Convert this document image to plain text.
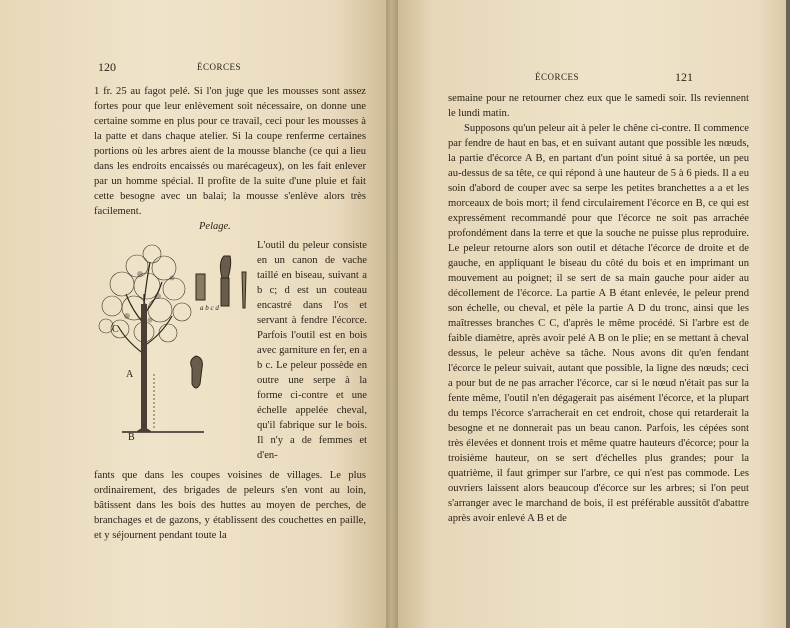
120	ÉCORCES

1 fr. 25 au fagot pelé. Si l'on juge que les mousses sont assez fortes pour que leur enlèvement soit nécessaire, on donne une certaine somme en plus pour ce travail, ceci pour les mousses à la patte et dans chaque atelier. Si la coupe renferme certaines portions où les arbres aient de la mousse blanche (ce qui a lieu dans les endroits encaissés ou marécageux), on les fait enlever par un homme spécial. Il profite de la suite d'une pluie et fait cette besogne avec un balai; la mousse s'enlève alors très facilement.

Pelage.
C
A
B
a b c d

L'outil du peleur consiste en un canon de vache taillé en biseau, suivant a b c; d est un couteau encastré dans l'os et servant à fendre l'écorce. Parfois l'outil est en bois avec garniture en fer, en a b c. Le peleur possède en outre une serpe à la forme ci-contre et une échelle appelée cheval, qu'il fabrique sur le bois. Il n'y a de femmes et d'en-

fants que dans les coupes voisines de villages. Le plus ordinairement, des brigades de peleurs s'en vont au loin, bâtissent dans les bois des huttes au moyen de perches, de branchages et de gazons, y établissent des couchettes en paille, et y séjournent pendant toute la

ÉCORCES	121

semaine pour ne retourner chez eux que le samedi soir. Ils reviennent le lundi matin.

Supposons qu'un peleur ait à peler le chêne ci-contre. Il commence par fendre de haut en bas, et en suivant autant que possible les nœuds, la partie d'écorce A B, en partant d'un point situé à sa portée, un peu au-dessus de sa tête, ce qui répond à une hauteur de 5 à 6 pieds. Il a eu soin d'abord de couper avec sa serpe les petites branchettes a a et les morceaux de bois mort; il fend circulairement l'écorce en B, ce qui est expressément recommandé pour que l'écorce ne soit pas arrachée profondément dans la terre et que la souche ne puisse plus reproduire. Le peleur retourne alors son outil et détache l'écorce de droite et de gauche, en appliquant le biseau du côté du bois et en imprimant un mouvement au poignet; il se sert de sa main gauche pour aider au décollement de l'écorce. La partie A B étant enlevée, le peleur prend son échelle, ou cheval, et pèle la partie A D du tronc, ainsi que les maîtresses branches C C, d'après le même procédé. Si l'arbre est de faible diamètre, après avoir pelé A B on le plie; en se mettant à cheval dessus, le peleur achève sa tâche. Nous avons dit qu'en fendant l'écorce le peleur suivait, autant que possible, la ligne des nœuds; ceci a pour but de ne pas arracher l'écorce, car si le nœud n'était pas sur la fente même, l'outil n'en dégagerait pas aisément l'écorce, et la plupart du temps l'écorce s'arracherait en cet endroit, chose qui retarderait la besogne et ne donnerait pas un beau canon. Parfois, les cépées sont très élevées et donnent trois et même quatre hauteurs d'écorce; pour la troisième hauteur, on se sert d'échelles plus grandes; pour la quatrième, il faut grimper sur l'arbre, ce qui n'est pas commode. Les ouvriers laissent alors beaucoup d'écorce sur les arbres; si l'on peut s'arranger avec le marchand de bois, il est préférable aussitôt d'abattre après avoir enlevé A B et de
